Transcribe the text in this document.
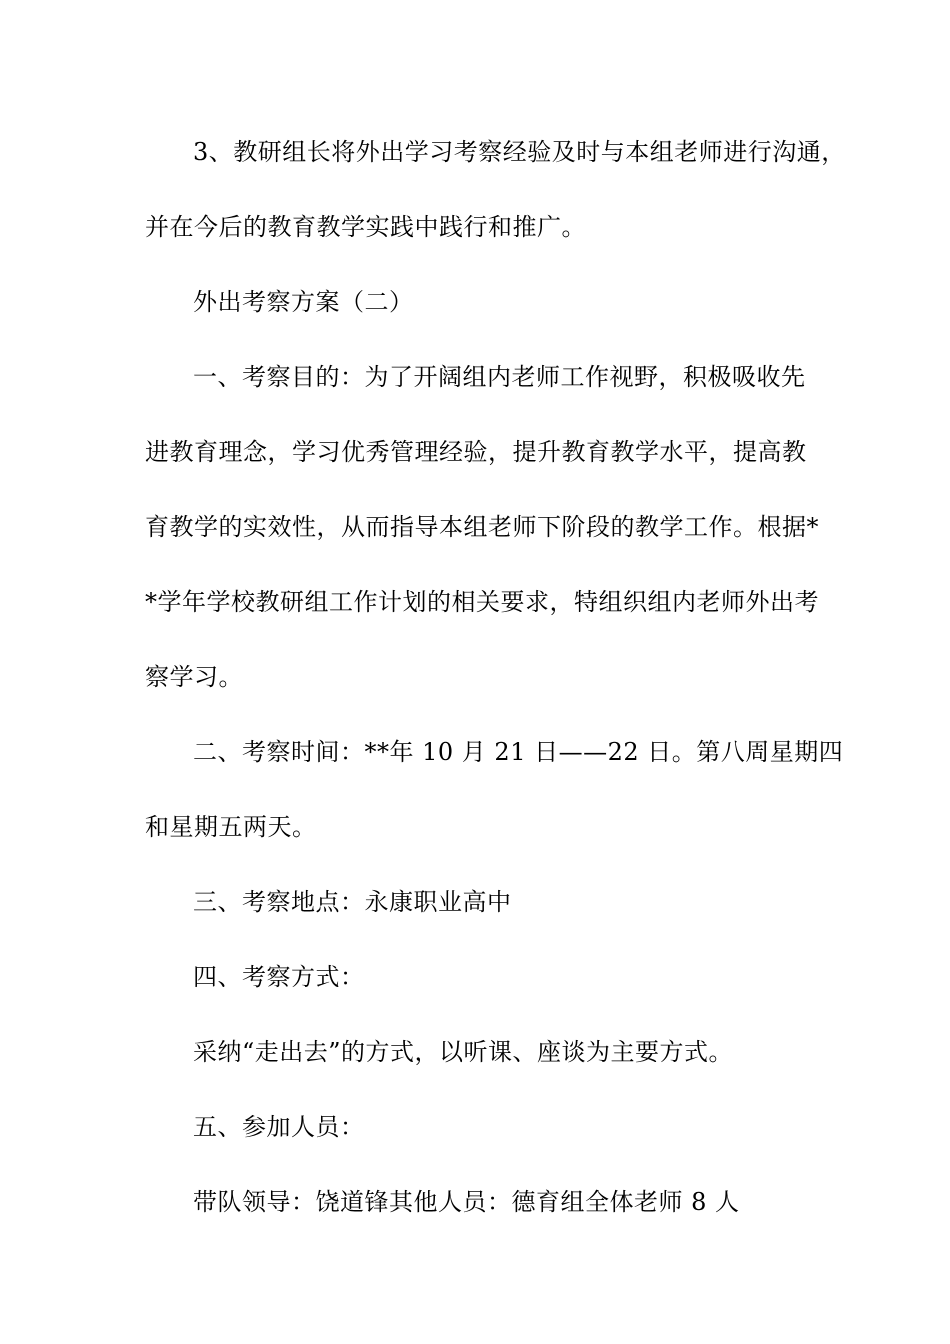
3、教研组长将外出学习考察经验及时与本组老师进行沟通，
并在今后的教育教学实践中践行和推广。
外出考察方案（二）
一、考察目的：为了开阔组内老师工作视野，积极吸收先
进教育理念，学习优秀管理经验，提升教育教学水平，提高教
育教学的实效性，从而指导本组老师下阶段的教学工作。根据*
*学年学校教研组工作计划的相关要求，特组织组内老师外出考
察学习。
二、考察时间：**年 10 月 21 日——22 日。第八周星期四
和星期五两天。
三、考察地点：永康职业高中
四、考察方式：
采纳“走出去”的方式，以听课、座谈为主要方式。
五、参加人员：
带队领导：饶道锋其他人员：德育组全体老师 8 人
